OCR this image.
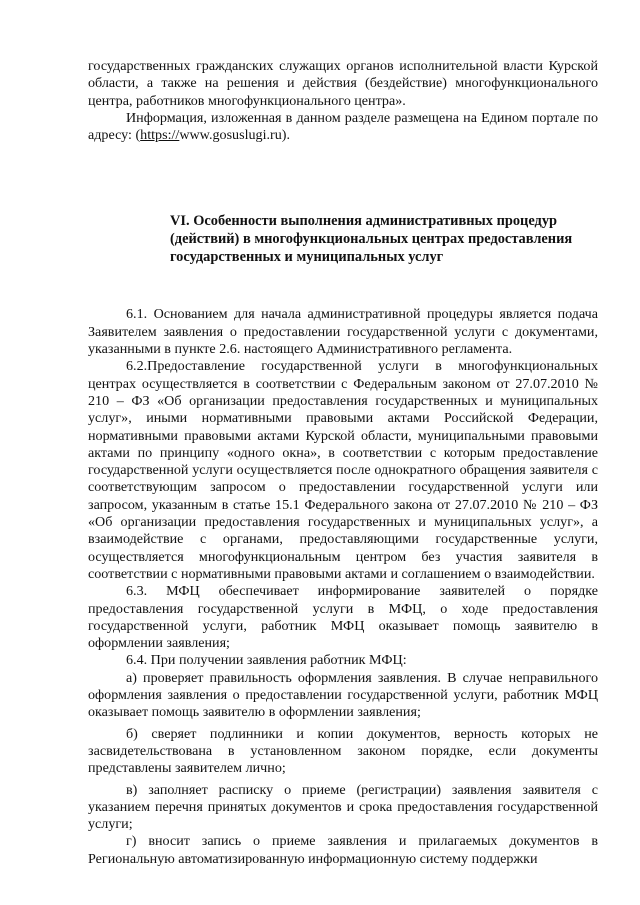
государственных гражданских служащих органов исполнительной власти Курской области, а также на решения и действия (бездействие) многофункционального центра, работников многофункционального центра».

Информация, изложенная в данном разделе размещена на Едином портале по адресу: (https://www.gosuslugi.ru).

VI. Особенности выполнения административных процедур (действий) в многофункциональных центрах предоставления государственных и муниципальных услуг

6.1. Основанием для начала административной процедуры является подача Заявителем заявления о предоставлении государственной услуги с документами, указанными в пункте 2.6. настоящего Административного регламента.

6.2.Предоставление государственной услуги в многофункциональных центрах осуществляется в соответствии с Федеральным законом от 27.07.2010 № 210 – ФЗ «Об организации предоставления государственных и муниципальных услуг», иными нормативными правовыми актами Российской Федерации, нормативными правовыми актами Курской области, муниципальными правовыми актами по принципу «одного окна», в соответствии с которым предоставление государственной услуги осуществляется после однократного обращения заявителя с соответствующим запросом о предоставлении государственной услуги или запросом, указанным в статье 15.1 Федерального закона от 27.07.2010 № 210 – ФЗ «Об организации предоставления государственных и муниципальных услуг», а взаимодействие с органами, предоставляющими государственные услуги, осуществляется многофункциональным центром без участия заявителя в соответствии с нормативными правовыми актами и соглашением о взаимодействии.

6.3. МФЦ обеспечивает информирование заявителей о порядке предоставления государственной услуги в МФЦ, о ходе предоставления государственной услуги, работник МФЦ оказывает помощь заявителю в оформлении заявления;

6.4. При получении заявления работник МФЦ:

а) проверяет правильность оформления заявления. В случае неправильного оформления заявления о предоставлении государственной услуги, работник МФЦ оказывает помощь заявителю в оформлении заявления;

б) сверяет подлинники и копии документов, верность которых не засвидетельствована в установленном законом порядке, если документы представлены заявителем лично;

в) заполняет расписку о приеме (регистрации) заявления заявителя с указанием перечня принятых документов и срока предоставления государственной услуги;

г) вносит запись о приеме заявления и прилагаемых документов в Региональную автоматизированную информационную систему поддержки
